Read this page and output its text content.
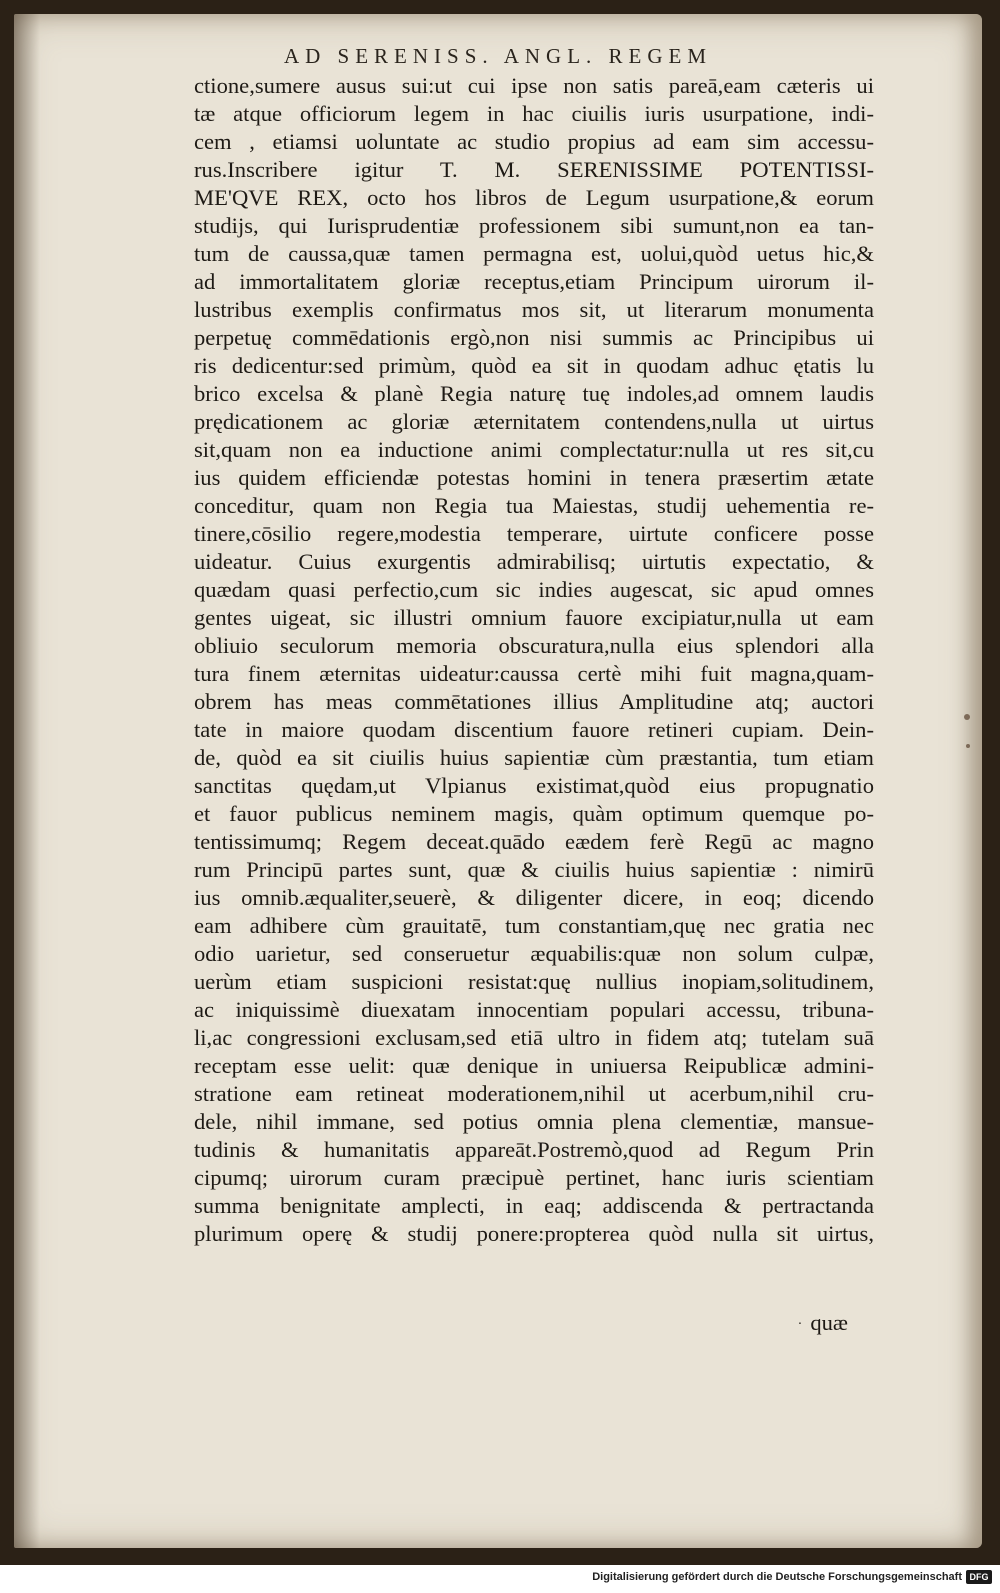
AD SERENISS. ANGL. REGEM
ctione,sumere ausus sui:ut cui ipse non satis pareā,eam cæteris ui
tæ atque officiorum legem in hac ciuilis iuris usurpatione, indi-
cem , etiamsi uoluntate ac studio propius ad eam sim accessu-
rus.Inscribere igitur T. M. SERENISSIME POTENTISSI-
ME'QVE REX, octo hos libros de Legum usurpatione,& eorum
studijs, qui Iurisprudentiæ professionem sibi sumunt,non ea tan-
tum de caussa,quæ tamen permagna est, uolui,quòd uetus hic,&
ad immortalitatem gloriæ receptus,etiam Principum uirorum il-
lustribus exemplis confirmatus mos sit, ut literarum monumenta
perpetuę commēdationis ergò,non nisi summis ac Principibus ui
ris dedicentur:sed primùm, quòd ea sit in quodam adhuc ętatis lu
brico excelsa & planè Regia naturę tuę indoles,ad omnem laudis
prędicationem ac gloriæ æternitatem contendens,nulla ut uirtus
sit,quam non ea inductione animi complectatur:nulla ut res sit,cu
ius quidem efficiendæ potestas homini in tenera præsertim ætate
conceditur, quam non Regia tua Maiestas, studij uehementia re-
tinere,cōsilio regere,modestia temperare, uirtute conficere posse
uideatur. Cuius exurgentis admirabilisq; uirtutis expectatio, &
quædam quasi perfectio,cum sic indies augescat, sic apud omnes
gentes uigeat, sic illustri omnium fauore excipiatur,nulla ut eam
obliuio seculorum memoria obscuratura,nulla eius splendori alla
tura finem æternitas uideatur:caussa certè mihi fuit magna,quam-
obrem has meas commētationes illius Amplitudine atq; auctori
tate in maiore quodam discentium fauore retineri cupiam. Dein-
de, quòd ea sit ciuilis huius sapientiæ cùm præstantia, tum etiam
sanctitas quędam,ut Vlpianus existimat,quòd eius propugnatio
et fauor publicus neminem magis, quàm optimum quemque po-
tentissimumq; Regem deceat.quādo eædem ferè Regū ac magno
rum Principū partes sunt, quæ & ciuilis huius sapientiæ : nimirū
ius omnib.æqualiter,seuerè, & diligenter dicere, in eoq; dicendo
eam adhibere cùm grauitatē, tum constantiam,quę nec gratia nec
odio uarietur, sed conseruetur æquabilis:quæ non solum culpæ,
uerùm etiam suspicioni resistat:quę nullius inopiam,solitudinem,
ac iniquissimè diuexatam innocentiam populari accessu, tribuna-
li,ac congressioni exclusam,sed etiā ultro in fidem atq; tutelam suā
receptam esse uelit: quæ denique in uniuersa Reipublicæ admini-
stratione eam retineat moderationem,nihil ut acerbum,nihil cru-
dele, nihil immane, sed potius omnia plena clementiæ, mansue-
tudinis & humanitatis appareāt.Postremò,quod ad Regum Prin
cipumq; uirorum curam præcipuè pertinet, hanc iuris scientiam
summa benignitate amplecti, in eaq; addiscenda & pertractanda
plurimum operę & studij ponere:propterea quòd nulla sit uirtus,
· quæ
Digitalisierung gefördert durch die Deutsche Forschungsgemeinschaft DFG
